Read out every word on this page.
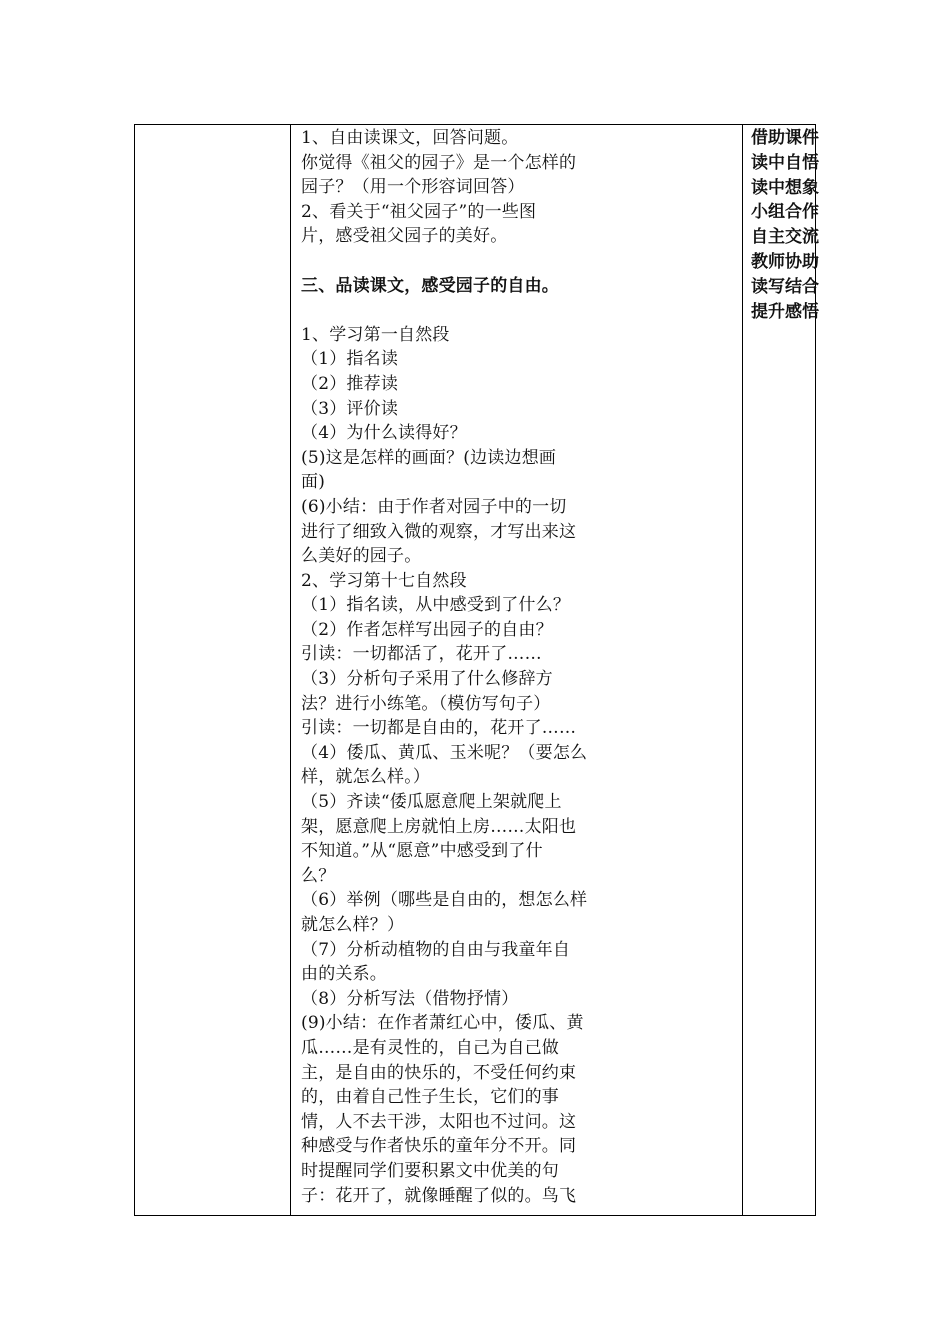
1、自由读课文，回答问题。
你觉得《祖父的园子》是一个怎样的
园子？（用一个形容词回答）
2、看关于“祖父园子”的一些图
片，感受祖父园子的美好。
三、品读课文，感受园子的自由。
1、学习第一自然段
（1）指名读
（2）推荐读
（3）评价读
（4）为什么读得好？
(5)这是怎样的画面？(边读边想画
面)
(6)小结：由于作者对园子中的一切
进行了细致入微的观察，才写出来这
么美好的园子。
2、学习第十七自然段
（1）指名读，从中感受到了什么？
（2）作者怎样写出园子的自由？
引读：一切都活了，花开了……
（3）分析句子采用了什么修辞方
法？进行小练笔。（模仿写句子）
引读：一切都是自由的，花开了……
（4）倭瓜、黄瓜、玉米呢？（要怎么
样，就怎么样。）
（5）齐读“倭瓜愿意爬上架就爬上
架，愿意爬上房就怕上房……太阳也
不知道。”从“愿意”中感受到了什
么？
（6）举例（哪些是自由的，想怎么样
就怎么样？）
（7）分析动植物的自由与我童年自
由的关系。
（8）分析写法（借物抒情）
(9)小结：在作者萧红心中，倭瓜、黄
瓜……是有灵性的，自己为自己做
主，是自由的快乐的，不受任何约束
的，由着自己性子生长，它们的事
情，人不去干涉，太阳也不过问。这
种感受与作者快乐的童年分不开。同
时提醒同学们要积累文中优美的句
子：花开了，就像睡醒了似的。鸟飞
借助课件
读中自悟
读中想象
小组合作
自主交流
教师协助
读写结合
提升感悟
